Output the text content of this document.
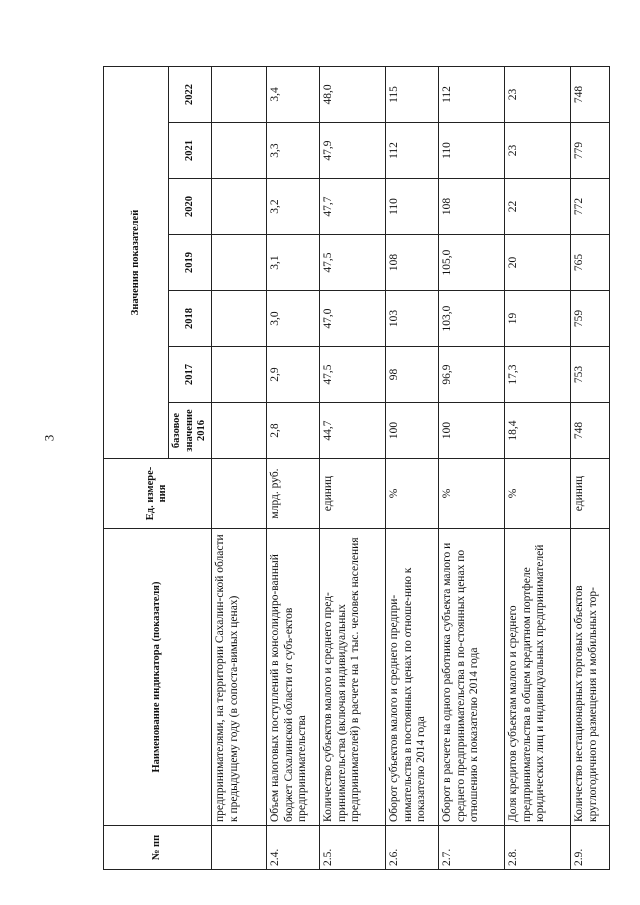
3
№ пп	Наименование индикатора (показателя)	Ед. измере-ния	Значения показателей						
			базовое значение 2016	2017	2018	2019	2020	2021	2022
	предпринимателями, на территории Сахалин-ской области к предыдущему году (в сопоста-вимых ценах)								
2.4.	Объем налоговых поступлений в консолидиро-ванный бюджет Сахалинской области от субъ-ектов предпринимательства	млрд. руб.	2,8	2,9	3,0	3,1	3,2	3,3	3,4
2.5.	Количество субъектов малого и среднего пред-принимательства (включая индивидуальных предпринимателей) в расчете на 1 тыс. человек населения	единиц	44,7	47,5	47,0	47,5	47,7	47,9	48,0
2.6.	Оборот субъектов малого и среднего предпри-нимательства в постоянных ценах по отноше-нию к показателю 2014 года	%	100	98	103	108	110	112	115
2.7.	Оборот в расчете на одного работника субъекта малого и среднего предпринимательства в по-стоянных ценах по отношению к показателю 2014 года	%	100	96,9	103,0	105,0	108	110	112
2.8.	Доля кредитов субъектам малого и среднего предпринимательства в общем кредитном портфеле юридических лиц и индивидуальных предпринимателей	%	18,4	17,3	19	20	22	23	23
2.9.	Количество нестационарных торговых объектов круглогодичного размещения и мобильных тор-	единиц	748	753	759	765	772	779	748
